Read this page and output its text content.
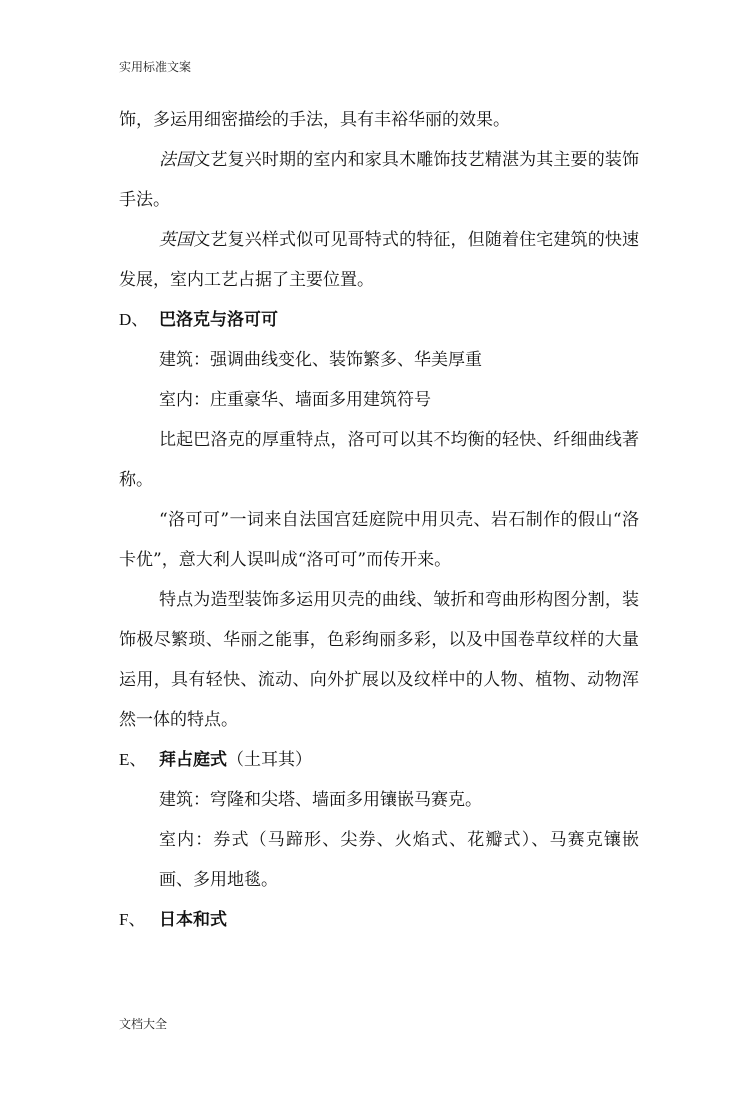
实用标准文案

饰，多运用细密描绘的手法，具有丰裕华丽的效果。

法国文艺复兴时期的室内和家具木雕饰技艺精湛为其主要的装饰手法。

英国文艺复兴样式似可见哥特式的特征，但随着住宅建筑的快速发展，室内工艺占据了主要位置。

D、 巴洛克与洛可可

建筑：强调曲线变化、装饰繁多、华美厚重

室内：庄重豪华、墙面多用建筑符号

比起巴洛克的厚重特点，洛可可以其不均衡的轻快、纤细曲线著称。

“洛可可”一词来自法国宫廷庭院中用贝壳、岩石制作的假山“洛卡优”，意大利人误叫成“洛可可”而传开来。

特点为造型装饰多运用贝壳的曲线、皱折和弯曲形构图分割，装饰极尽繁琐、华丽之能事，色彩绚丽多彩，以及中国卷草纹样的大量运用，具有轻快、流动、向外扩展以及纹样中的人物、植物、动物浑然一体的特点。

E、 拜占庭式 （土耳其）

建筑：穹隆和尖塔、墙面多用镶嵌马赛克。

室内：券式（马蹄形、尖券、火焰式、花瓣式）、马赛克镶嵌画、多用地毯。

F、 日本和式

文档大全
